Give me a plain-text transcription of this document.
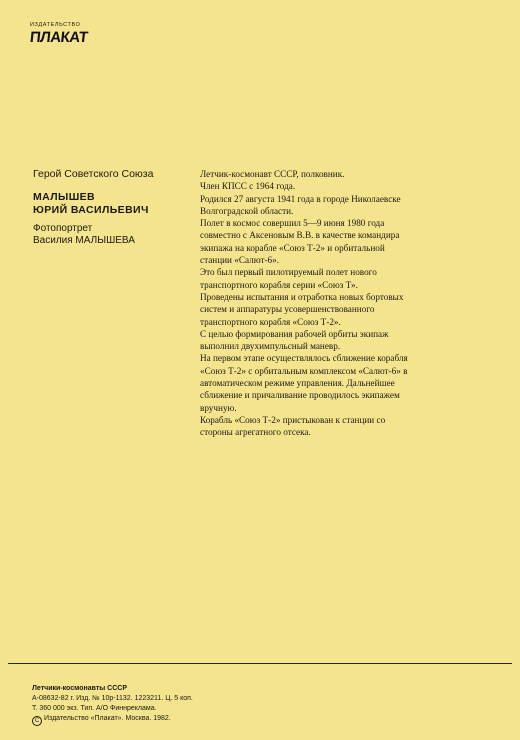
ИЗДАТЕЛЬСТВО
ПЛАКАТ
Герой Советского Союза
МАЛЫШЕВ
ЮРИЙ ВАСИЛЬЕВИЧ
Фотопортрет
Василия МАЛЫШЕВА

Летчик-космонавт СССР, полковник.

Член КПСС с 1964 года.

Родился 27 августа 1941 года в городе Николаевске Волгоградской области.

Полет в космос совершил 5—9 июня 1980 года совместно с Аксеновым В.В. в качестве командира экипажа на корабле «Союз Т-2» и орбитальной станции «Салют-6».

Это был первый пилотируемый полет нового транспортного корабля серии «Союз Т».

Проведены испытания и отработка новых бортовых систем и аппаратуры усовершенствованного транспортного корабля «Союз Т-2».

С целью формирования рабочей орбиты экипаж выполнил двухимпульсный маневр.

На первом этапе осуществлялось сближение корабля «Союз Т-2» с орбитальным комплексом «Салют-6» в автоматическом режиме управления. Дальнейшее сближение и причаливание проводилось экипажем вручную.

Корабль «Союз Т-2» пристыкован к станции со стороны агрегатного отсека.

Летчики-космонавты СССР
А-08632-82 г. Изд. № 10р-1132. 1223211. Ц. 5 коп.
Т. 360 000 экз. Тип. А/О Финнреклама.
С Издательство «Плакат». Москва. 1982.
